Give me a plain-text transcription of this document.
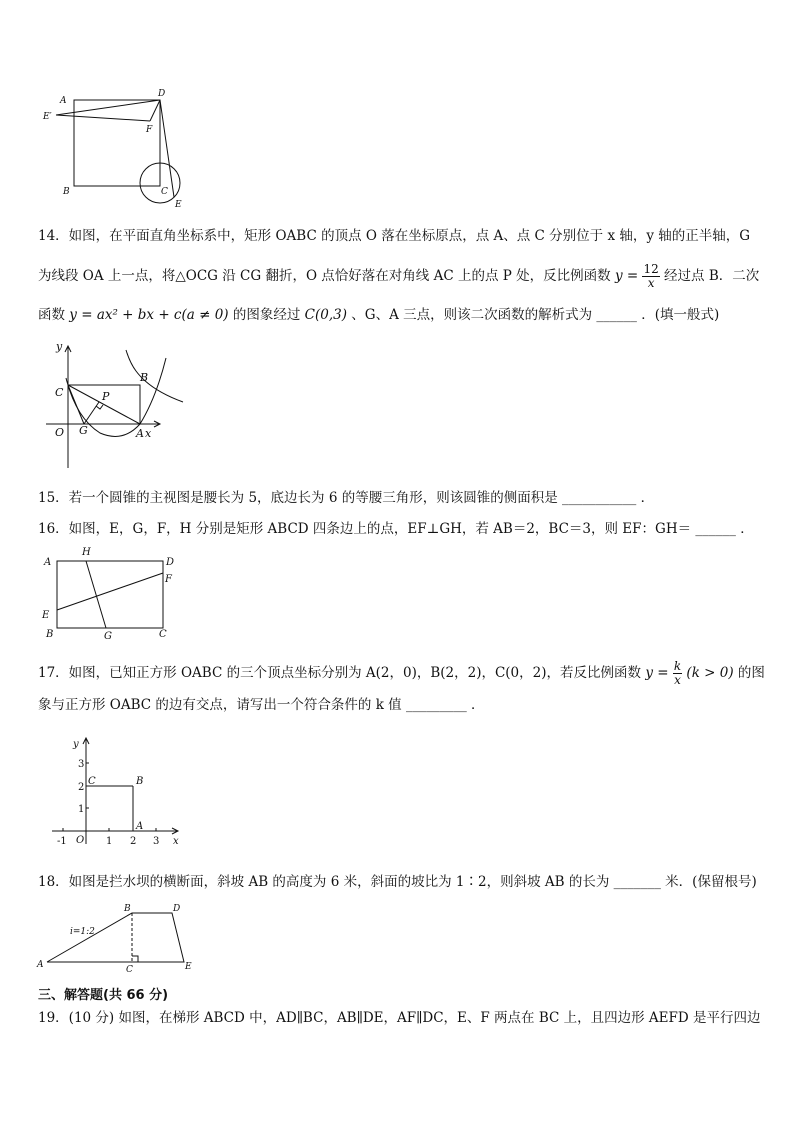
A
D
E′
F
B	C
E
14．如图，在平面直角坐标系中，矩形 OABC 的顶点 O 落在坐标原点，点 A、点 C 分别位于 x 轴，y 轴的正半轴，G
为线段 OA 上一点，将△OCG 沿 CG 翻折，O 点恰好落在对角线 AC 上的点 P 处，反比例函数 $y = \frac{12}{x}$ 经过点 B．二次
函数 y = ax² + bx + c(a ≠ 0) 的图象经过 C(0,3) 、G、A 三点，则该二次函数的解析式为 ______ ．(填一般式)
y
B
C	P
O G	A x
15．若一个圆锥的主视图是腰长为 5，底边长为 6 的等腰三角形，则该圆锥的侧面积是 ___________ ．
16．如图，E，G，F，H 分别是矩形 ABCD 四条边上的点，EF⊥GH，若 AB＝2，BC＝3，则 EF：GH＝ ______ ．
A
H
D
F
E
B	G	C
17．如图，已知正方形 OABC 的三个顶点坐标分别为 A(2，0)，B(2，2)，C(0，2)，若反比例函数 $y = \frac{k}{x} (k > 0)$ 的图
象与正方形 OABC 的边有交点，请写出一个符合条件的 k 值 _________ ．
y
x
O
A
B
C
-1	1 2 3
1
2
3
18．如图是拦水坝的横断面，斜坡 AB 的高度为 6 米，斜面的坡比为 1∶2，则斜坡 AB 的长为 _______ 米．(保留根号)
i=1:2
A
B
C
D
E
三、解答题(共 66 分)
19．(10 分) 如图，在梯形 ABCD 中，AD∥BC，AB∥DE，AF∥DC，E、F 两点在 BC 上，且四边形 AEFD 是平行四边
